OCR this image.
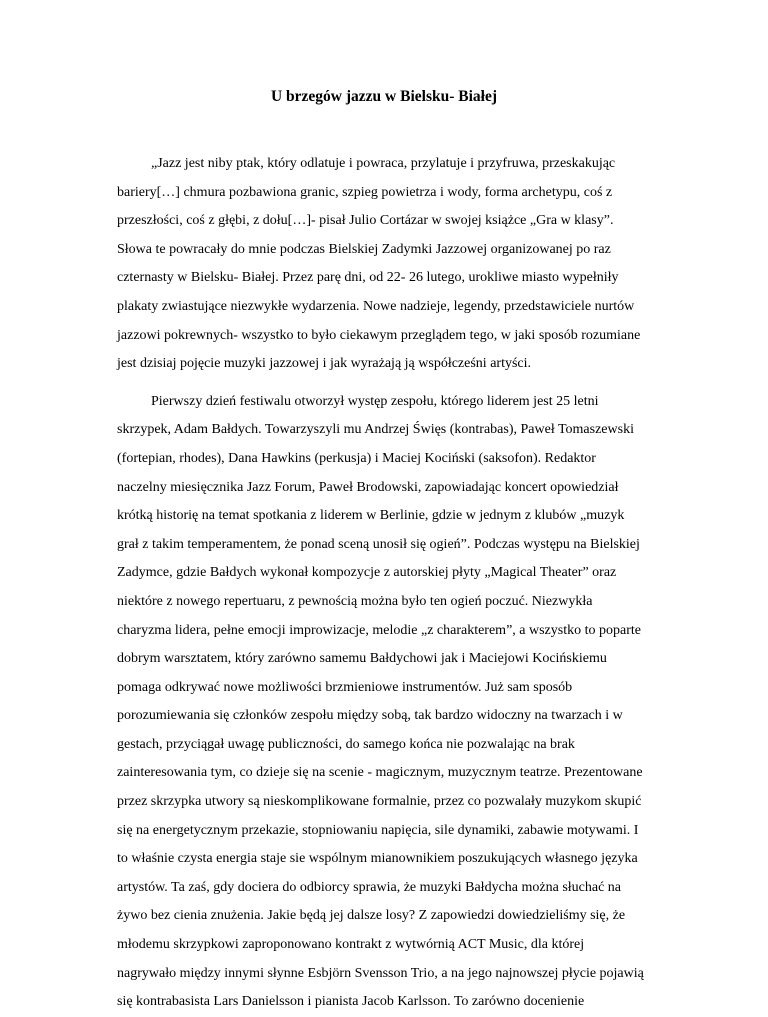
U brzegów jazzu w Bielsku- Białej

„Jazz jest niby ptak, który odlatuje i powraca, przylatuje i przyfruwa, przeskakując
bariery[…] chmura pozbawiona granic, szpieg powietrza i wody, forma archetypu, coś z
przeszłości, coś z głębi, z dołu[…]- pisał Julio Cortázar w swojej książce „Gra w klasy”.
Słowa te powracały do mnie podczas Bielskiej Zadymki Jazzowej organizowanej po raz
czternasty w Bielsku- Białej. Przez parę dni, od 22- 26 lutego, urokliwe miasto wypełniły
plakaty zwiastujące niezwykłe wydarzenia. Nowe nadzieje, legendy, przedstawiciele nurtów
jazzowi pokrewnych- wszystko to było ciekawym przeglądem tego, w jaki sposób rozumiane
jest dzisiaj pojęcie muzyki jazzowej i jak wyrażają ją współcześni artyści.

Pierwszy dzień festiwalu otworzył występ zespołu, którego liderem jest 25 letni
skrzypek, Adam Bałdych. Towarzyszyli mu Andrzej Święs (kontrabas), Paweł Tomaszewski
(fortepian, rhodes), Dana Hawkins (perkusja) i Maciej Kociński (saksofon). Redaktor
naczelny miesięcznika Jazz Forum, Paweł Brodowski, zapowiadając koncert opowiedział
krótką historię na temat spotkania z liderem w Berlinie, gdzie w jednym z klubów „muzyk
grał z takim temperamentem, że ponad sceną unosił się ogień”. Podczas występu na Bielskiej
Zadymce, gdzie Bałdych wykonał kompozycje z autorskiej płyty „Magical Theater” oraz
niektóre z nowego repertuaru, z pewnością można było ten ogień poczuć. Niezwykła
charyzma lidera, pełne emocji improwizacje, melodie „z charakterem”, a wszystko to poparte
dobrym warsztatem, który zarówno samemu Bałdychowi jak i Maciejowi Kocińskiemu
pomaga odkrywać nowe możliwości brzmieniowe instrumentów. Już sam sposób
porozumiewania się członków zespołu między sobą, tak bardzo widoczny na twarzach i w
gestach, przyciągał uwagę publiczności, do samego końca nie pozwalając na brak
zainteresowania tym, co dzieje się na scenie - magicznym, muzycznym teatrze. Prezentowane
przez skrzypka utwory są nieskomplikowane formalnie, przez co pozwalały muzykom skupić
się na energetycznym przekazie, stopniowaniu napięcia, sile dynamiki, zabawie motywami. I
to właśnie czysta energia staje sie wspólnym mianownikiem poszukujących własnego języka
artystów. Ta zaś, gdy dociera do odbiorcy sprawia, że muzyki Bałdycha można słuchać na
żywo bez cienia znużenia. Jakie będą jej dalsze losy? Z zapowiedzi dowiedzieliśmy się, że
młodemu skrzypkowi zaproponowano kontrakt z wytwórnią ACT Music, dla której
nagrywało między innymi słynne Esbjörn Svensson Trio, a na jego najnowszej płycie pojawią
się kontrabasista Lars Danielsson i pianista Jacob Karlsson. To zarówno docenienie
